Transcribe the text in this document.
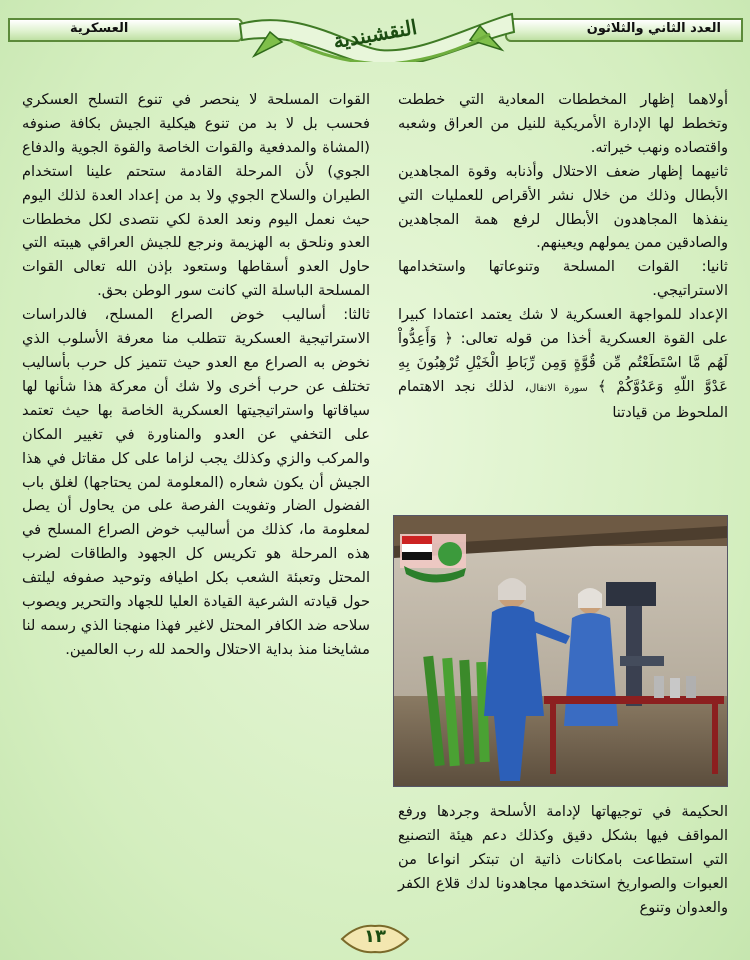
العسكرية	العدد الثاني والثلاثون
النقشبندية

أولاهما إظهار المخططات المعادية التي خططت وتخطط لها الإدارة الأمريكية للنيل من العراق وشعبه واقتصاده ونهب خيراته.

ثانيهما إظهار ضعف الاحتلال وأذنابه وقوة المجاهدين الأبطال وذلك من خلال نشر الأقراص للعمليات التي ينفذها المجاهدون الأبطال لرفع همة المجاهدين والصادقين ممن يمولهم ويعينهم.

ثانيا: القوات المسلحة وتنوعاتها واستخدامها الاستراتيجي.

الإعداد للمواجهة العسكرية لا شك يعتمد اعتمادا كبيرا على القوة العسكرية أخذا من قوله تعالى: ﴿ وَأَعِدُّواْ لَهُم مَّا اسْتَطَعْتُم مِّن قُوَّةٍ وَمِن رِّبَاطِ الْخَيْلِ تُرْهِبُونَ بِهِ عَدْوَّ اللّهِ وَعَدُوَّكُمْ ﴾ سورة الانفال، لذلك نجد الاهتمام الملحوظ من قيادتنا

الحكيمة في توجيهاتها لإدامة الأسلحة وجردها ورفع المواقف فيها بشكل دقيق وكذلك دعم هيئة التصنيع التي استطاعت بامكانات ذاتية ان تبتكر انواعا من العبوات والصواريخ استخدمها مجاهدونا لدك قلاع الكفر والعدوان وتنوع

القوات المسلحة لا ينحصر في تنوع التسلح العسكري فحسب بل لا بد من تنوع هيكلية الجيش بكافة صنوفه (المشاة والمدفعية والقوات الخاصة والقوة الجوية والدفاع الجوي) لأن المرحلة القادمة ستحتم علينا استخدام الطيران والسلاح الجوي ولا بد من إعداد العدة لذلك اليوم حيث نعمل اليوم ونعد العدة لكي نتصدى لكل مخططات العدو ونلحق به الهزيمة ونرجع للجيش العراقي هيبته التي حاول العدو أسقاطها وستعود بإذن الله تعالى القوات المسلحة الباسلة التي كانت سور الوطن بحق.

ثالثا: أساليب خوض الصراع المسلح، فالدراسات الاستراتيجية العسكرية تتطلب منا معرفة الأسلوب الذي نخوض به الصراع مع العدو حيث تتميز كل حرب بأساليب تختلف عن حرب أخرى ولا شك أن معركة هذا شأنها لها سياقاتها واستراتيجيتها العسكرية الخاصة بها حيث تعتمد على التخفي عن العدو والمناورة في تغيير المكان والمركب والزي وكذلك يجب لزاما على كل مقاتل في هذا الجيش أن يكون شعاره (المعلومة لمن يحتاجها) لغلق باب الفضول الضار وتفويت الفرصة على من يحاول أن يصل لمعلومة ما، كذلك من أساليب خوض الصراع المسلح في هذه المرحلة هو تكريس كل الجهود والطاقات لضرب المحتل وتعبئة الشعب بكل اطيافه وتوحيد صفوفه ليلتف حول قيادته الشرعية القيادة العليا للجهاد والتحرير ويصوب سلاحه ضد الكافر المحتل لاغير فهذا منهجنا الذي رسمه لنا مشايخنا منذ بداية الاحتلال والحمد لله رب العالمين.

١٣
